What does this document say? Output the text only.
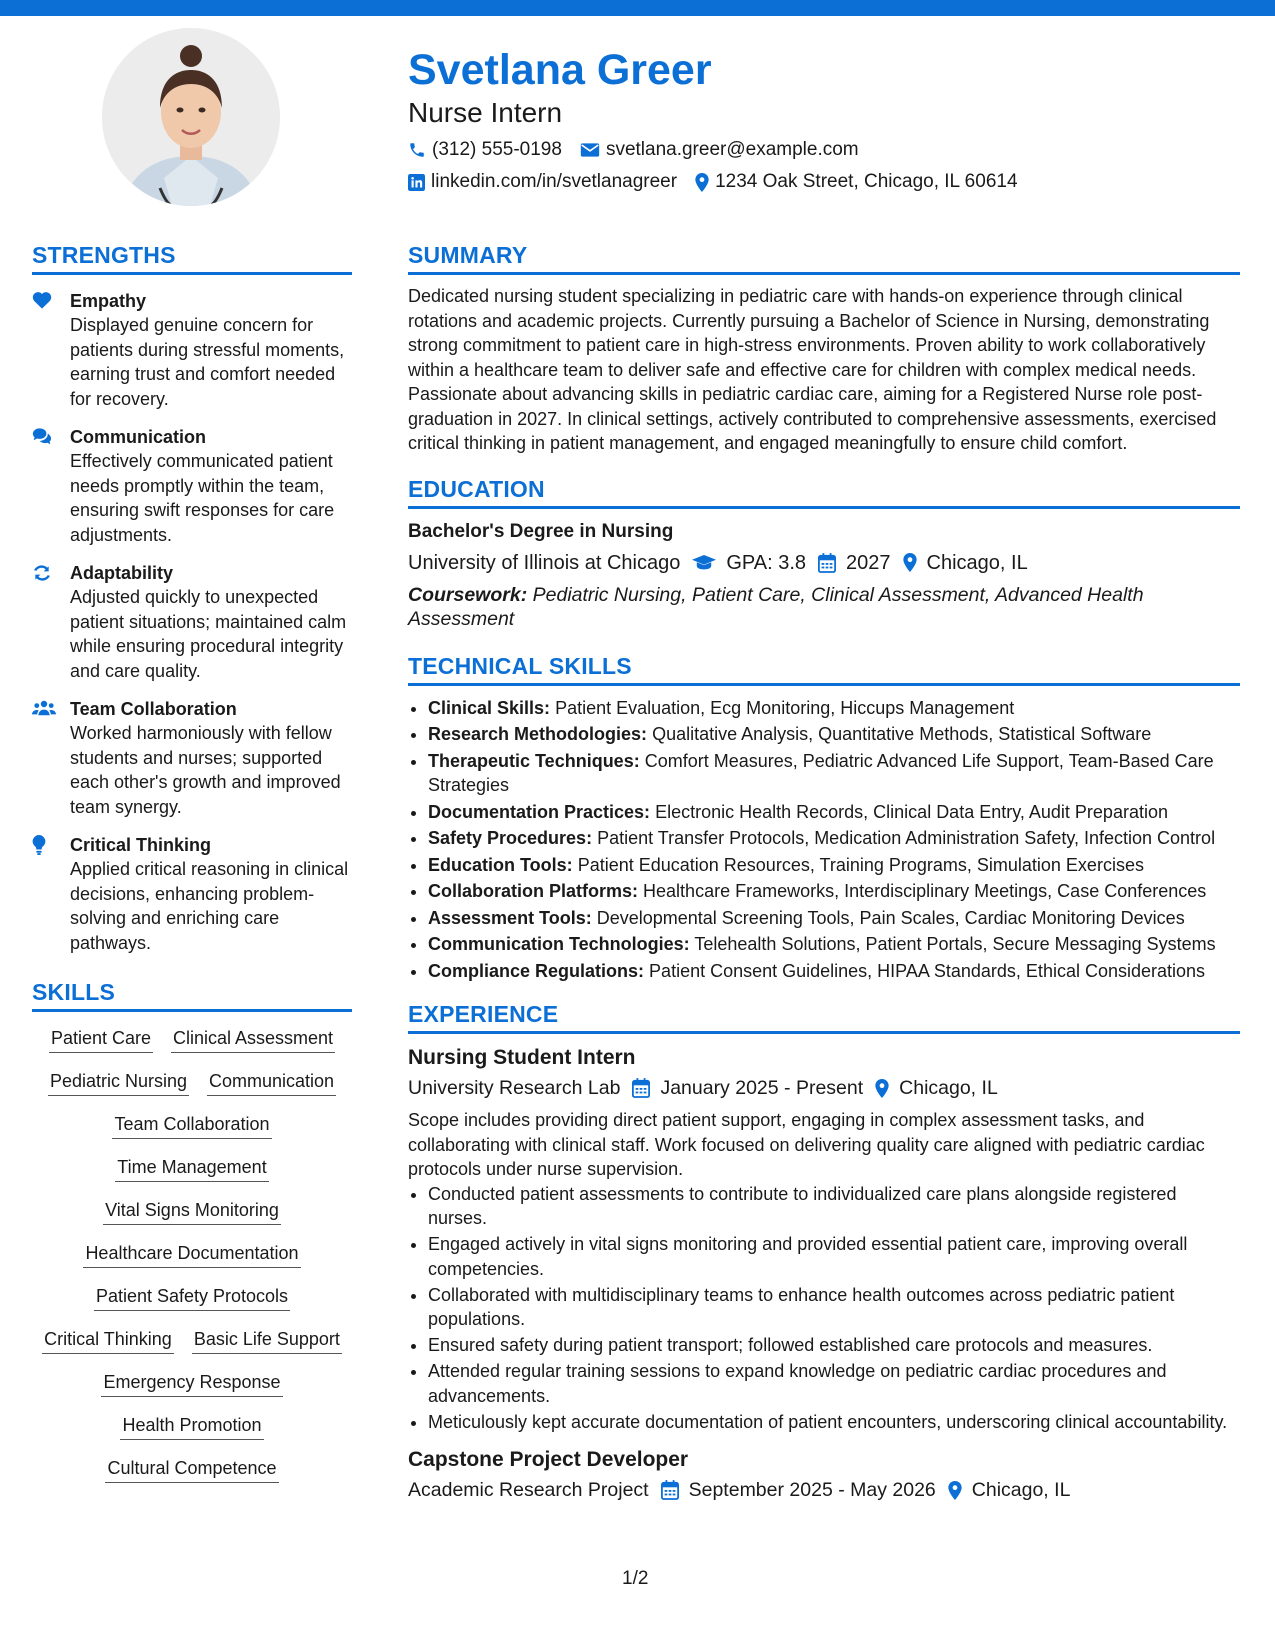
Svetlana Greer
Nurse Intern
(312) 555-0198 svetlana.greer@example.com
linkedin.com/in/svetlanagreer 1234 Oak Street, Chicago, IL 60614
STRENGTHS
Empathy
Displayed genuine concern for patients during stressful moments, earning trust and comfort needed for recovery.
Communication
Effectively communicated patient needs promptly within the team, ensuring swift responses for care adjustments.
Adaptability
Adjusted quickly to unexpected patient situations; maintained calm while ensuring procedural integrity and care quality.
Team Collaboration
Worked harmoniously with fellow students and nurses; supported each other's growth and improved team synergy.
Critical Thinking
Applied critical reasoning in clinical decisions, enhancing problem-solving and enriching care pathways.
SKILLS
Patient Care Clinical Assessment
Pediatric Nursing Communication
Team Collaboration
Time Management
Vital Signs Monitoring
Healthcare Documentation
Patient Safety Protocols
Critical Thinking Basic Life Support
Emergency Response
Health Promotion
Cultural Competence
SUMMARY
Dedicated nursing student specializing in pediatric care with hands-on experience through clinical rotations and academic projects. Currently pursuing a Bachelor of Science in Nursing, demonstrating strong commitment to patient care in high-stress environments. Proven ability to work collaboratively within a healthcare team to deliver safe and effective care for children with complex medical needs. Passionate about advancing skills in pediatric cardiac care, aiming for a Registered Nurse role post-graduation in 2027. In clinical settings, actively contributed to comprehensive assessments, exercised critical thinking in patient management, and engaged meaningfully to ensure child comfort.
EDUCATION
Bachelor's Degree in Nursing
University of Illinois at Chicago GPA: 3.8 2027 Chicago, IL
Coursework: Pediatric Nursing, Patient Care, Clinical Assessment, Advanced Health Assessment
TECHNICAL SKILLS
• Clinical Skills: Patient Evaluation, Ecg Monitoring, Hiccups Management
• Research Methodologies: Qualitative Analysis, Quantitative Methods, Statistical Software
• Therapeutic Techniques: Comfort Measures, Pediatric Advanced Life Support, Team-Based Care Strategies
• Documentation Practices: Electronic Health Records, Clinical Data Entry, Audit Preparation
• Safety Procedures: Patient Transfer Protocols, Medication Administration Safety, Infection Control
• Education Tools: Patient Education Resources, Training Programs, Simulation Exercises
• Collaboration Platforms: Healthcare Frameworks, Interdisciplinary Meetings, Case Conferences
• Assessment Tools: Developmental Screening Tools, Pain Scales, Cardiac Monitoring Devices
• Communication Technologies: Telehealth Solutions, Patient Portals, Secure Messaging Systems
• Compliance Regulations: Patient Consent Guidelines, HIPAA Standards, Ethical Considerations
EXPERIENCE
Nursing Student Intern
University Research Lab January 2025 - Present Chicago, IL
Scope includes providing direct patient support, engaging in complex assessment tasks, and collaborating with clinical staff. Work focused on delivering quality care aligned with pediatric cardiac protocols under nurse supervision.
• Conducted patient assessments to contribute to individualized care plans alongside registered nurses.
• Engaged actively in vital signs monitoring and provided essential patient care, improving overall competencies.
• Collaborated with multidisciplinary teams to enhance health outcomes across pediatric patient populations.
• Ensured safety during patient transport; followed established care protocols and measures.
• Attended regular training sessions to expand knowledge on pediatric cardiac procedures and advancements.
• Meticulously kept accurate documentation of patient encounters, underscoring clinical accountability.
Capstone Project Developer
Academic Research Project September 2025 - May 2026 Chicago, IL
1/2
